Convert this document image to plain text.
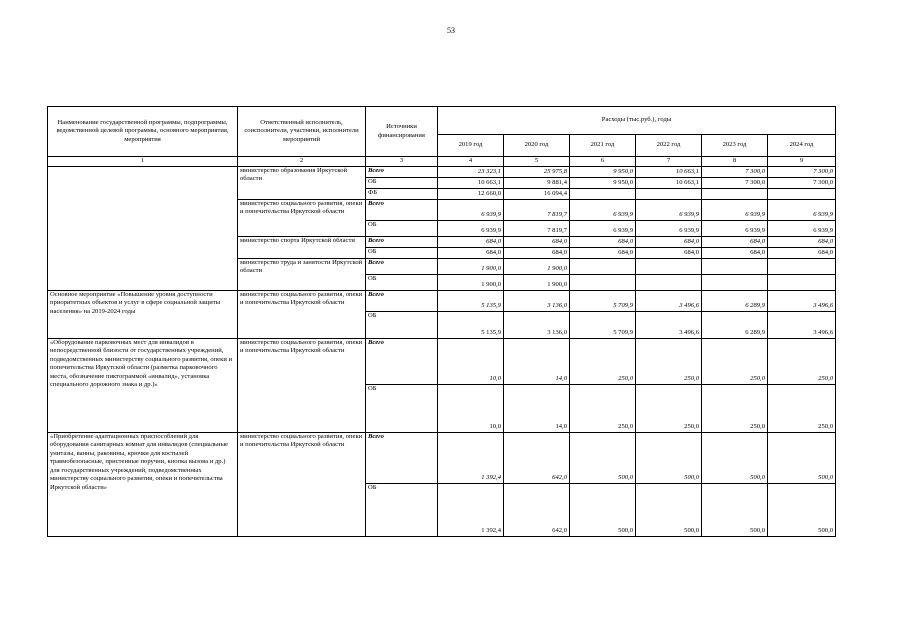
53
Наименование государственной программы, подпрограммы, ведомственной целевой программы, основного мероприятия, мероприятия	Ответственный исполнитель, соисполнители, участники, исполнители мероприятий	Источники финансирования	Расходы (тыс.руб.), годы					
			2019 год	2020 год	2021 год	2022 год	2023 год	2024 год
1	2	3	4	5	6	7	8	9
	министерство образования Иркутской области	Всего	23 323,1	25 975,8	9 950,0	10 663,1	7 300,0	7 300,0
		ОБ	10 663,1	9 881,4	9 950,0	10 663,1	7 300,0	7 300,0
		ФБ	12 660,0	16 094,4				
	министерство социального развития, опеки и попечительства Иркутской области	Всего	6 939,9	7 819,7	6 939,9	6 939,9	6 939,9	6 939,9
		ОБ	6 939,9	7 819,7	6 939,9	6 939,9	6 939,9	6 939,9
	министерство спорта Иркутской области	Всего	684,0	684,0	684,0	684,0	684,0	684,0
		ОБ	684,0	684,0	684,0	684,0	684,0	684,0
	министерство труда и занятости Иркутской области	Всего	1 900,0	1 900,0				
		ОБ	1 900,0	1 900,0				
Основное мероприятие «Повышение уровня доступности приоритетных объектов и услуг в сфере социальной защиты населения» на 2019-2024 годы	министерство социального развития, опеки и попечительства Иркутской области	Всего	5 135,9	3 136,0	5 709,9	3 496,6	6 289,9	3 496,6
		ОБ	5 135,9	3 136,0	5 709,9	3 496,6	6 289,9	3 496,6
«Оборудование парковочных мест для инвалидов в непосредственной близости от государственных учреждений, подведомственных министерству социального развития, опеки и попечительства Иркутской области (разметка парковочного места, обозначение пиктограммой «инвалид», установка специального дорожного знака и др.)»	министерство социального развития, опеки и попечительства Иркутской области	Всего	10,0	14,0	250,0	250,0	250,0	250,0
		ОБ	10,0	14,0	250,0	250,0	250,0	250,0
«Приобретение адаптационных приспособлений для оборудования санитарных комнат для инвалидов (специальные унитазы, ванны, раковины, крючки для костылей травмобезопасные, пристенные поручни, кнопка вызова и др.) для государственных учреждений, подведомственных министерству социального развития, опеки и попечительства Иркутской области»	министерство социального развития, опеки и попечительства Иркутской области	Всего	1 392,4	642,0	500,0	500,0	500,0	500,0
		ОБ	1 392,4	642,0	500,0	500,0	500,0	500,0
